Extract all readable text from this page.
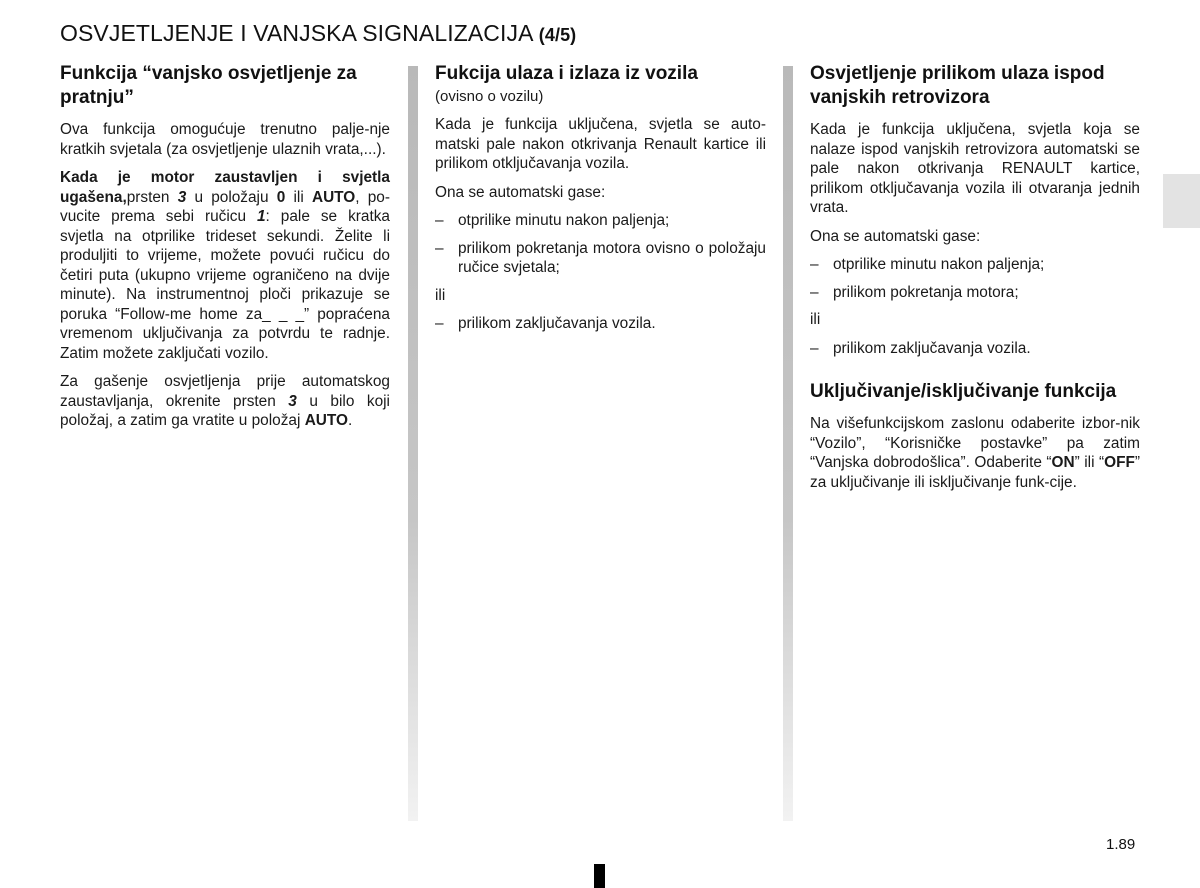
OSVJETLJENJE I VANJSKA SIGNALIZACIJA (4/5)
Funkcija “vanjsko osvjetljenje za pratnju”

Ova funkcija omogućuje trenutno palje-nje kratkih svjetala (za osvjetljenje ulaznih vrata,...).

Kada je motor zaustavljen i svjetla ugašena,prsten 3 u položaju 0 ili AUTO, po-vucite prema sebi ručicu 1: pale se kratka svjetla na otprilike trideset sekundi. Želite li produljiti to vrijeme, možete povući ručicu do četiri puta (ukupno vrijeme ograničeno na dvije minute). Na instrumentnoj ploči prikazuje se poruka “Follow-me home za_ _ _” popraćena vremenom uključivanja za potvrdu te radnje. Zatim možete zaključati vozilo.

Za gašenje osvjetljenja prije automatskog zaustavljanja, okrenite prsten 3 u bilo koji položaj, a zatim ga vratite u položaj AUTO.

Fukcija ulaza i izlaza iz vozila
(ovisno o vozilu)

Kada je funkcija uključena, svjetla se auto-matski pale nakon otkrivanja Renault kartice ili prilikom otključavanja vozila.

Ona se automatski gase:

– otprilike minutu nakon paljenja;
– prilikom pokretanja motora ovisno o položaju ručice svjetala;

ili

– prilikom zaključavanja vozila.
Osvjetljenje prilikom ulaza ispod vanjskih retrovizora

Kada je funkcija uključena, svjetla koja se nalaze ispod vanjskih retrovizora automatski se pale nakon otkrivanja RENAULT kartice, prilikom otključavanja vozila ili otvaranja jednih vrata.

Ona se automatski gase:

– otprilike minutu nakon paljenja;
– prilikom pokretanja motora;

ili

– prilikom zaključavanja vozila.
Uključivanje/isključivanje funkcija

Na višefunkcijskom zaslonu odaberite izbor-nik “Vozilo”, “Korisničke postavke” pa zatim “Vanjska dobrodošlica”. Odaberite “ON” ili “OFF” za uključivanje ili isključivanje funk-cije.

1.89
